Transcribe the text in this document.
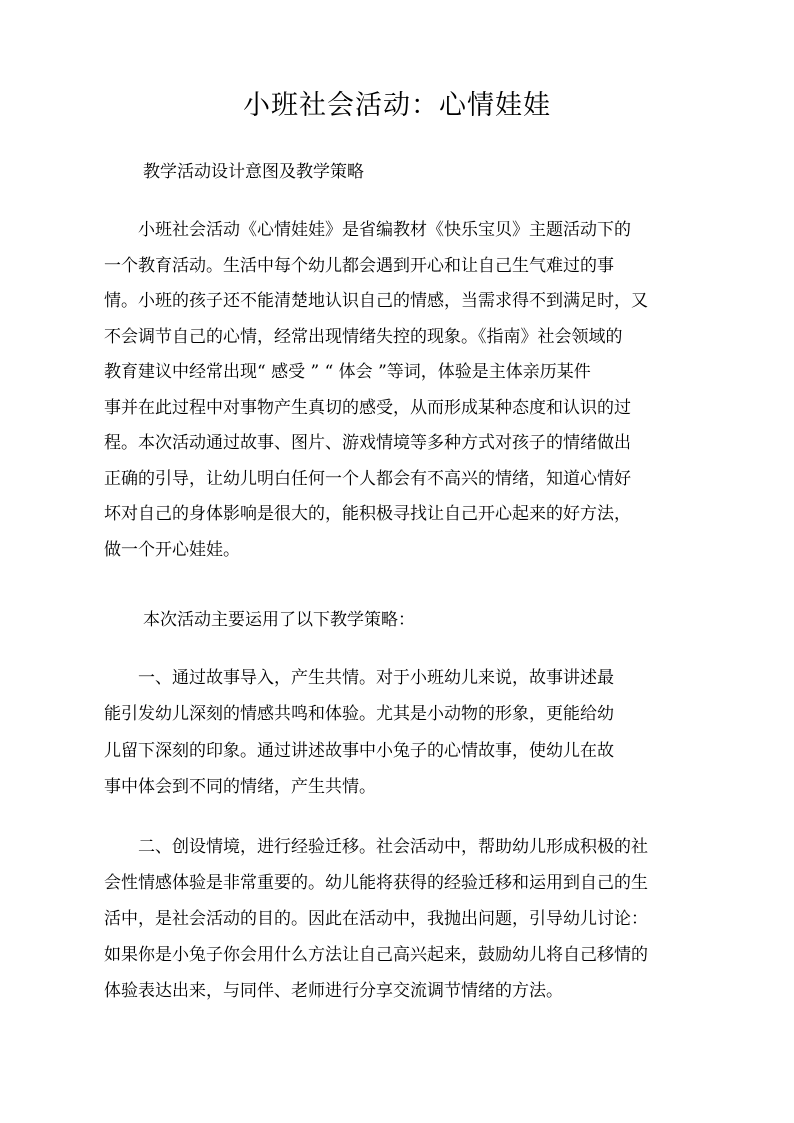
小班社会活动：心情娃娃
教学活动设计意图及教学策略
　　小班社会活动《心情娃娃》是省编教材《快乐宝贝》主题活动下的
一个教育活动。生活中每个幼儿都会遇到开心和让自己生气难过的事
情。小班的孩子还不能清楚地认识自己的情感，当需求得不到满足时，又
不会调节自己的心情，经常出现情绪失控的现象。《指南》社会领域的
教育建议中经常出现“ 感受 ” “ 体会 ”等词，体验是主体亲历某件
事并在此过程中对事物产生真切的感受，从而形成某种态度和认识的过
程。本次活动通过故事、图片、游戏情境等多种方式对孩子的情绪做出
正确的引导，让幼儿明白任何一个人都会有不高兴的情绪，知道心情好
坏对自己的身体影响是很大的，能积极寻找让自己开心起来的好方法，
做一个开心娃娃。
本次活动主要运用了以下教学策略：
　　一、通过故事导入，产生共情。对于小班幼儿来说，故事讲述最
能引发幼儿深刻的情感共鸣和体验。尤其是小动物的形象，更能给幼
儿留下深刻的印象。通过讲述故事中小兔子的心情故事，使幼儿在故
事中体会到不同的情绪，产生共情。
　　二、创设情境，进行经验迁移。社会活动中，帮助幼儿形成积极的社
会性情感体验是非常重要的。幼儿能将获得的经验迁移和运用到自己的生
活中，是社会活动的目的。因此在活动中，我抛出问题，引导幼儿讨论：
如果你是小兔子你会用什么方法让自己高兴起来，鼓励幼儿将自己移情的
体验表达出来，与同伴、老师进行分享交流调节情绪的方法。
